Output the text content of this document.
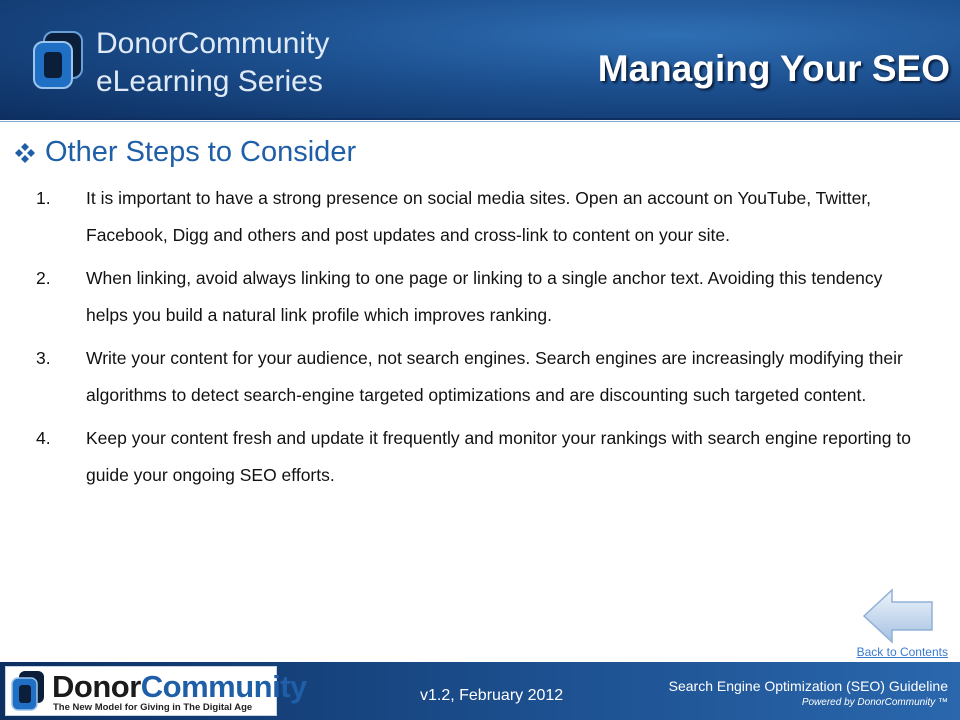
DonorCommunity
eLearning Series	Managing Your SEO
Other Steps to Consider
1. It is important to have a strong presence on social media sites. Open an account on YouTube, Twitter, Facebook, Digg and others and post updates and cross-link to content on your site.
2. When linking, avoid always linking to one page or linking to a single anchor text. Avoiding this tendency helps you build a natural link profile which improves ranking.
3. Write your content for your audience, not search engines. Search engines are increasingly modifying their algorithms to detect search-engine targeted optimizations and are discounting such targeted content.
4. Keep your content fresh and update it frequently and monitor your rankings with search engine reporting to guide your ongoing SEO efforts.
Back to Contents
DonorCommunity
The New Model for Giving in The Digital Age
v1.2, February 2012
Search Engine Optimization (SEO) Guideline
Powered by DonorCommunity ™
